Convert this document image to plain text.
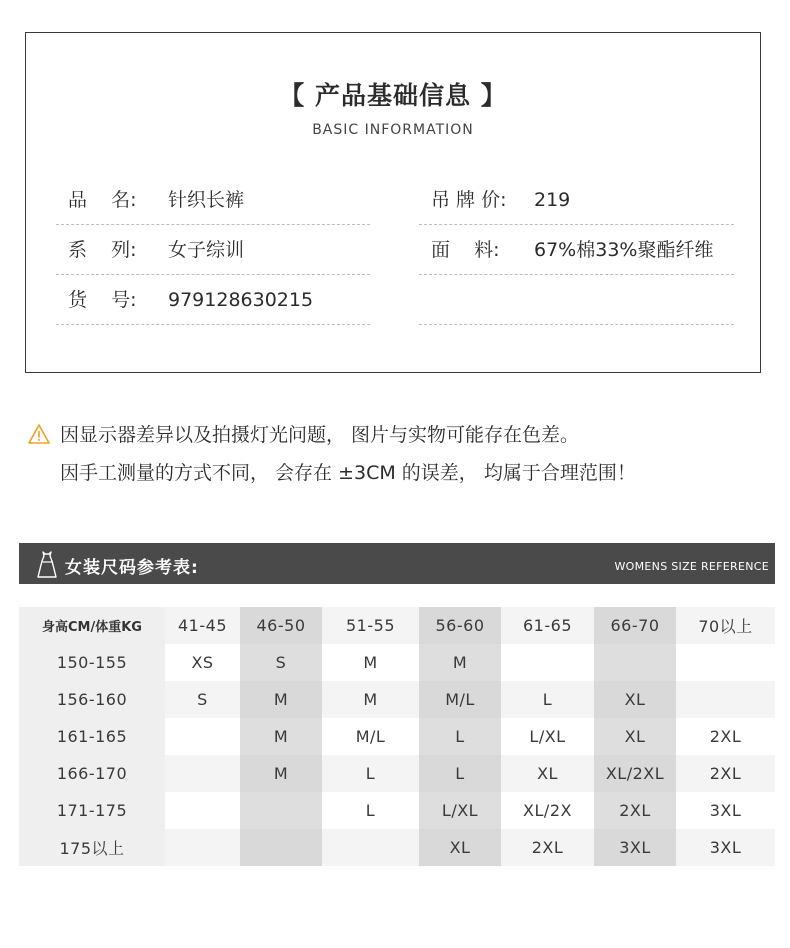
【 产品基础信息 】
BASIC INFORMATION
品    名: 针织长裤
系    列: 女子综训
货    号: 979128630215
吊 牌 价: 219
面    料: 67%棉33%聚酯纤维
因显示器差异以及拍摄灯光问题， 图片与实物可能存在色差。
因手工测量的方式不同， 会存在 ±3CM 的误差， 均属于合理范围！
女装尺码参考表:	WOMENS SIZE REFERENCE
身高CM/体重KG	41-45	46-50	51-55	56-60	61-65	66-70	70以上
150-155	XS	S	M	M			
156-160	S	M	M	M/L	L	XL	
161-165		M	M/L	L	L/XL	XL	2XL
166-170		M	L	L	XL	XL/2XL	2XL
171-175			L	L/XL	XL/2X	2XL	3XL
175以上				XL	2XL	3XL	3XL
